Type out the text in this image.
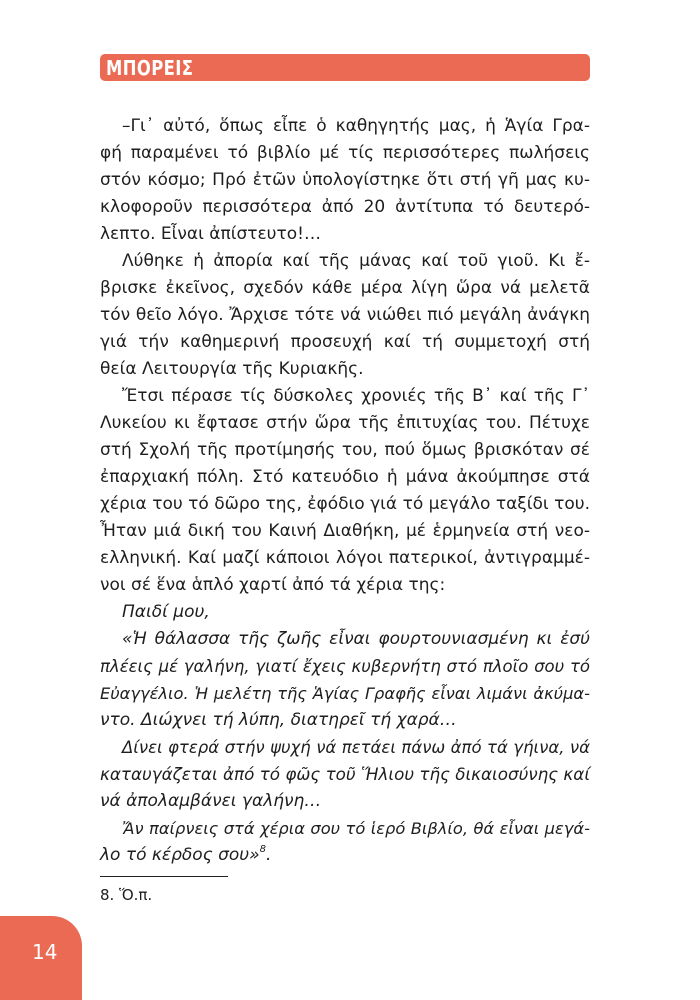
ΜΠΟΡΕΙΣ
–Γι᾽ αὐτό, ὅπως εἶπε ὁ καθηγητής μας, ἡ Ἁγία Γρα-
φή παραμένει τό βιβλίο μέ τίς περισσότερες πωλήσεις
στόν κόσμο; Πρό ἐτῶν ὑπολογίστηκε ὅτι στή γῆ μας κυ-
κλοφοροῦν περισσότερα ἀπό 20 ἀντίτυπα τό δευτερό-
λεπτο. Εἶναι ἀπίστευτο!…
Λύθηκε ἡ ἀπορία καί τῆς μάνας καί τοῦ γιοῦ. Κι ἔ-
βρισκε ἐκεῖνος, σχεδόν κάθε μέρα λίγη ὥρα νά μελετᾶ
τόν θεῖο λόγο. Ἄρχισε τότε νά νιώθει πιό μεγάλη ἀνάγκη
γιά τήν καθημερινή προσευχή καί τή συμμετοχή στή
θεία Λειτουργία τῆς Κυριακῆς.
Ἔτσι πέρασε τίς δύσκολες χρονιές τῆς Β᾽ καί τῆς Γ᾽
Λυκείου κι ἔφτασε στήν ὥρα τῆς ἐπιτυχίας του. Πέτυχε
στή Σχολή τῆς προτίμησής του, πού ὅμως βρισκόταν σέ
ἐπαρχιακή πόλη. Στό κατευόδιο ἡ μάνα ἀκούμπησε στά
χέρια του τό δῶρο της, ἐφόδιο γιά τό μεγάλο ταξίδι του.
Ἦταν μιά δική του Καινή Διαθήκη, μέ ἑρμηνεία στή νεο-
ελληνική. Καί μαζί κάποιοι λόγοι πατερικοί, ἀντιγραμμέ-
νοι σέ ἕνα ἁπλό χαρτί ἀπό τά χέρια της:
Παιδί μου,
«Ἡ θάλασσα τῆς ζωῆς εἶναι φουρτουνιασμένη κι ἐσύ
πλέεις μέ γαλήνη, γιατί ἔχεις κυβερνήτη στό πλοῖο σου τό
Εὐαγγέλιο. Ἡ μελέτη τῆς Ἁγίας Γραφῆς εἶναι λιμάνι ἀκύμα-
ντο. Διώχνει τή λύπη, διατηρεῖ τή χαρά…
Δίνει φτερά στήν ψυχή νά πετάει πάνω ἀπό τά γήινα, νά
καταυγάζεται ἀπό τό φῶς τοῦ Ἥλιου τῆς δικαιοσύνης καί
νά ἀπολαμβάνει γαλήνη…
Ἄν παίρνεις στά χέρια σου τό ἱερό Βιβλίο, θά εἶναι μεγά-
λο τό κέρδος σου»$^8$.
8. Ὅ.π.
14
